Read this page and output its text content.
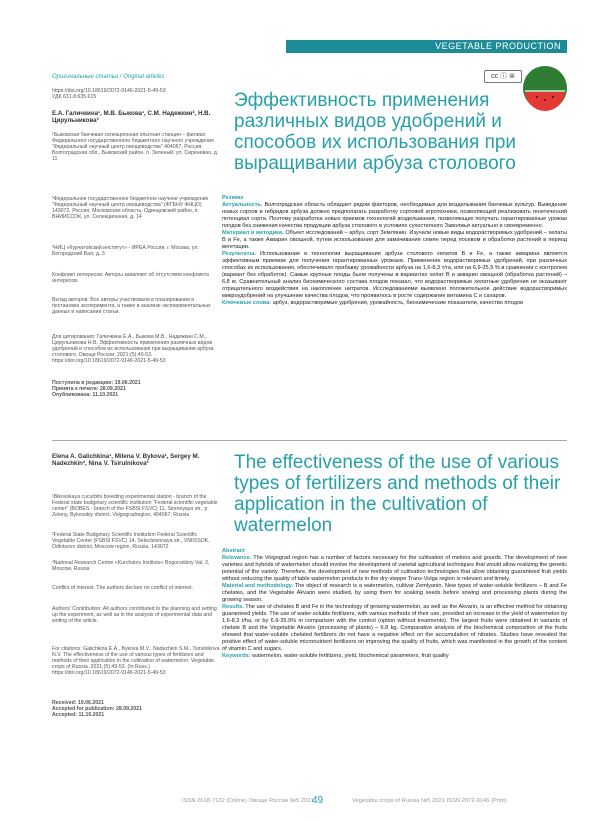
VEGETABLE PRODUCTION
Оригинальные статьи / Original articles

https://doi.org/10.18619/2072-9146-2021-5-49-53

УДК 631.8:635.615

Е.А. Галичкина¹, М.В. Быкова¹, С.М. Надежкин², Н.В. Цирульникова³
¹Быковская бахчевая селекционная опытная станция – филиал Федерального государственного бюджетного научного учреждения "Федеральный научный центр овощеводства" 404067, Россия, Волгоградская обл., Быковский район, п. Зеленый, ул. Сиреневая, д. 11
²Федеральное государственное бюджетное научное учреждение "Федеральный научный центр овощеводства" (ФГБНУ ФНЦО) 143072, Россия, Московская область, Одинцовский район, п. ВНИИССОК, ул. Селекционная, д. 14
³НИЦ «Курчатовский институт» - ИРЕА Россия, г. Москва, ул. Богородский Вал, д. 3
Конфликт интересов. Авторы заявляют об отсутствии конфликта интересов.
Вклад авторов: Все авторы участвовали в планировании и постановке эксперимента, а также в анализе экспериментальных данных и написании статьи.
Для цитирования: Галичкина Е.А., Быкова М.В., Надежкин С.М., Цирульникова Н.В. Эффективность применения различных видов удобрений и способов их использования при выращивании арбуза столового. Овощи России. 2021;(5):49-53. https://doi.org/10.18619/2072-9146-2021-5-49-53

Поступила в редакцию: 19.06.2021

Принята к печати: 28.09.2021

Опубликована: 11.10.2021

cc ⓘ ⊜
Эффективность применения различных видов удобрений и способов их использования при выращивании арбуза столового

Резюме

Актуальность. Волгоградская область обладает рядом факторов, необходимых для возделывания бахчевых культур. Выведение новых сортов и гибридов арбуза должно предполагать разработку сортовой агротехники, позволяющей реализовать генетический потенциал сорта. Поэтому разработка новых приемов технологий возделывания, позволяющих получать гарантированные урожаи плодов без снижения качества продукции арбуза столового в условиях сухостепного Заволжья актуально и своевременно.

Материал и методика. Объект исследований – арбуз, сорт Землянин. Изучали новые виды водорастворимых удобрений – хелаты В и Fe, а также Акварин овощной, путем использования для замачивания семян перед посевом и обработки растений в период вегетации.

Результаты. Использование в технологии выращивания арбуза столового хелатов В и Fe, а также акварина является эффективным приемом для получения гарантированных урожаев. Применение водорастворимых удобрений, при различных способах их использования, обеспечивало прибавку урожайности арбуза на 1,6-8,3 т/га, или на 6,9-35,9 % в сравнении с контролем (вариант без обработок). Самые крупные плоды были получены в вариантах хелат В и акварин овощной (обработка растений) – 6,8 кг. Сравнительный анализ биохимического состава плодов показал, что водорастворимые хелатные удобрения не оказывают отрицательного воздействия на накопление нитратов. Исследованиями выявлено положительное действие водорастворимых микроудобрений на улучшение качества плодов, что проявилось в росте содержание витамина С и сахаров.

Ключевые слова: арбуз, водорастворимые удобрения, урожайность, биохимические показатели, качество плодов

Elena A. Galichkina¹, Milena V. Bykova¹, Sergey M. Nadezhkin², Nina V. Tsirulnikova³
¹Bikovskaya cucurbits breeding experimental station - branch of the Federal state budgetary scientific institution "Federal scientific vegetable center" (BOBES - branch of the FSBSI FSVC) 11, Sireneyaya str., p. Zeleny, Bykovskiy district, Volgogradregion, 404067, Russia
²Federal State Budgetary Scientific Institution Federal Scientific Vegetable Center (FSBSI FSVC) 14, Selectsionnaya str., VNIISSOK, Odintsovo district, Moscow region, Russia, 143072
³National Research Centre «Kurchatov Institute» Bogorodskiy Val, 3, Moscow, Russia
Conflict of interest. The authors declare no conflict of interest.
Authors' Contribution: All authors contributed to the planning and setting up the experiment, as well as in the analysis of experimental data and writing of the article.
For citations: Galichkina E.A., Bykova M.V., Nadezhkin S.M., Tsirulnikova N.V. The effectiveness of the use of various types of fertilizers and methods of their application in the cultivation of watermelon. Vegetable crops of Russia. 2021;(5):49-53. (In Russ.) https://doi.org/10.18619/2072-9146-2021-5-49-53

Received: 19.06.2021

Accepted for publication: 28.09.2021

Accepted: 11.10.2021

The effectiveness of the use of various types of fertilizers and methods of their application in the cultivation of watermelon

Abstract

Relevance. The Volgograd region has a number of factors necessary for the cultivation of melons and gourds. The development of new varieties and hybrids of watermelon should involve the development of varietal agricultural techniques that would allow realizing the genetic potential of the variety. Therefore, the development of new methods of cultivation technologies that allow obtaining guaranteed fruit yields without reducing the quality of table watermelon products in the dry-steppe Trans-Volga region is relevant and timely.

Material and methodology. The object of research is a watermelon, cultivar Zemlyanin. New types of water-soluble fertilizers – B and Fe chelates, and the Vegetable Akvarin were studied, by using them for soaking seeds before sowing and processing plants during the growing season.

Results. The use of chelates B and Fe in the technology of growing watermelon, as well as the Akvarin, is an effective method for obtaining guaranteed yields. The use of water-soluble fertilizers, with various methods of their use, provided an increase in the yield of watermelon by 1.6-8.3 t/ha, or by 6.9-35.9% in comparison with the control (option without treatments). The largest fruits were obtained in variants of chelate B and the Vegetable Akvarin (processing of plants) – 6.8 kg. Comparative analysis of the biochemical composition of the fruits showed that water-soluble chelated fertilizers do not have a negative effect on the accumulation of nitrates. Studies have revealed the positive effect of water-soluble micronutrient fertilizers on improving the quality of fruits, which was manifested in the growth of the content of vitamin C and sugars.

Keywords: watermelon, water-soluble fertilizers, yield, biochemical parameters, fruit quality

ISSN 2618-7132 (Online) Овощи России №5 2021
49	Vegetable crops of Russia №5 2021 ISSN 2072-9146 (Print)
